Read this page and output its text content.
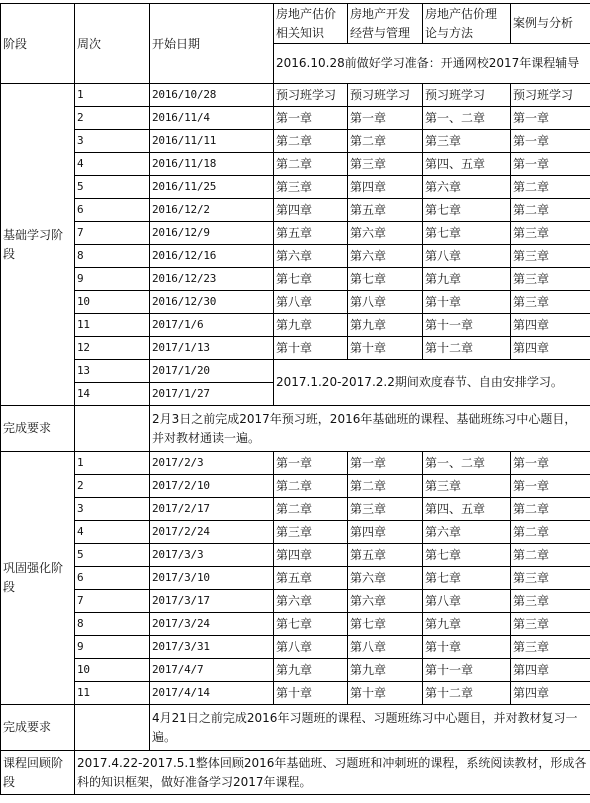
阶段	周次	开始日期	房地产估价相关知识	房地产开发经营与管理	房地产估价理论与方法	案例与分析
			2016.10.28前做好学习准备：开通网校2017年课程辅导			
基础学习阶段	1	2016/10/28	预习班学习	预习班学习	预习班学习	预习班学习
	2	2016/11/4	第一章	第一章	第一、二章	第一章
	3	2016/11/11	第二章	第二章	第三章	第一章
	4	2016/11/18	第二章	第三章	第四、五章	第一章
	5	2016/11/25	第三章	第四章	第六章	第二章
	6	2016/12/2	第四章	第五章	第七章	第二章
	7	2016/12/9	第五章	第六章	第七章	第三章
	8	2016/12/16	第六章	第六章	第八章	第三章
	9	2016/12/23	第七章	第七章	第九章	第三章
	10	2016/12/30	第八章	第八章	第十章	第三章
	11	2017/1/6	第九章	第九章	第十一章	第四章
	12	2017/1/13	第十章	第十章	第十二章	第四章
	13	2017/1/20	2017.1.20-2017.2.2期间欢度春节、自由安排学习。			
	14	2017/1/27				
完成要求		2月3日之前完成2017年预习班，2016年基础班的课程、基础班练习中心题目，并对教材通读一遍。				
巩固强化阶段	1	2017/2/3	第一章	第一章	第一、二章	第一章
	2	2017/2/10	第二章	第二章	第三章	第一章
	3	2017/2/17	第二章	第三章	第四、五章	第二章
	4	2017/2/24	第三章	第四章	第六章	第二章
	5	2017/3/3	第四章	第五章	第七章	第二章
	6	2017/3/10	第五章	第六章	第七章	第三章
	7	2017/3/17	第六章	第六章	第八章	第三章
	8	2017/3/24	第七章	第七章	第九章	第三章
	9	2017/3/31	第八章	第八章	第十章	第三章
	10	2017/4/7	第九章	第九章	第十一章	第四章
	11	2017/4/14	第十章	第十章	第十二章	第四章
完成要求		4月21日之前完成2016年习题班的课程、习题班练习中心题目，并对教材复习一遍。				
课程回顾阶段	2017.4.22-2017.5.1整体回顾2016年基础班、习题班和冲刺班的课程，系统阅读教材，形成各科的知识框架，做好准备学习2017年课程。					
